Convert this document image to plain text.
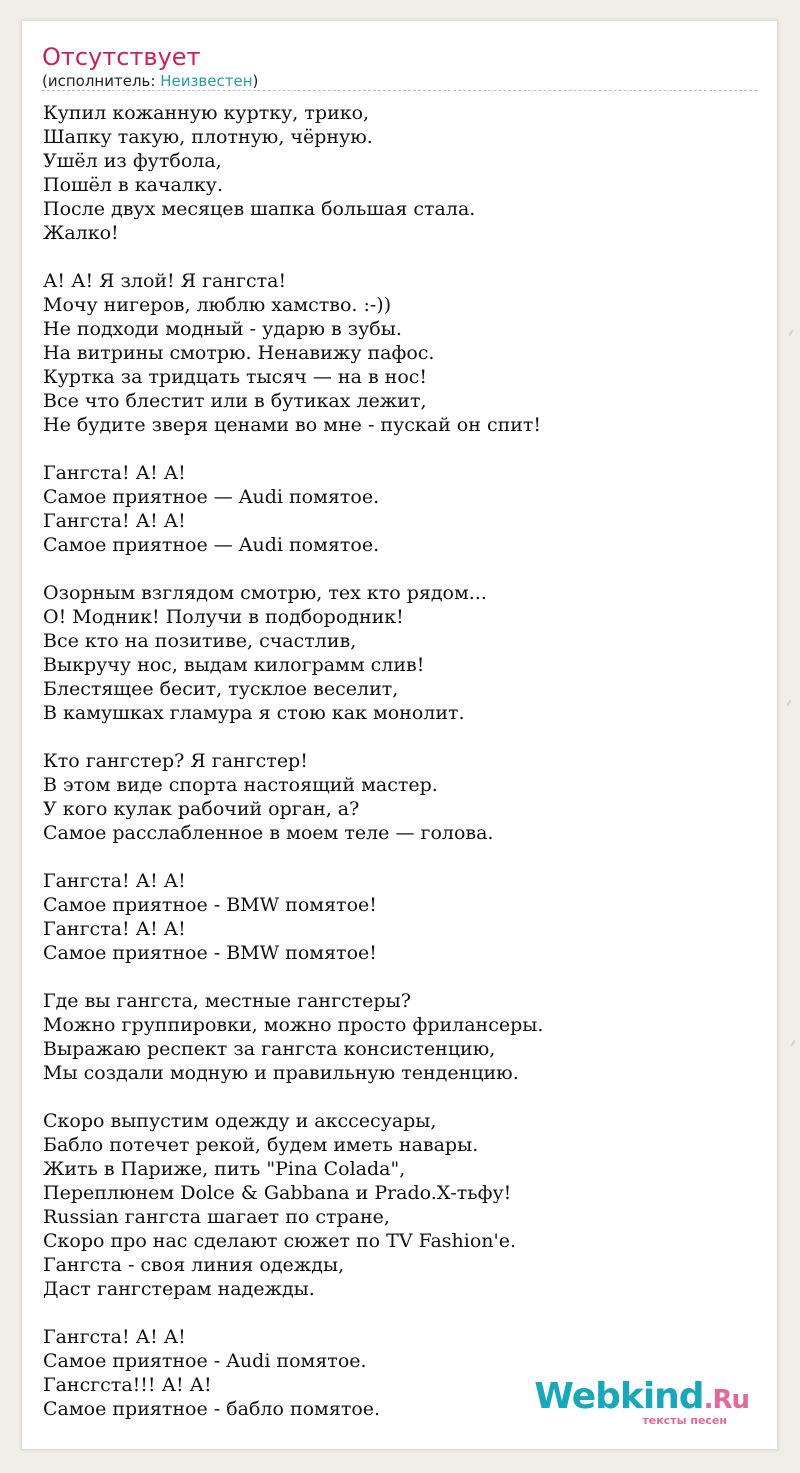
Отсутствует
(исполнитель: Неизвестен)
Купил кожанную куртку, трико,
Шапку такую, плотную, чёрную.
Ушёл из футбола,
Пошёл в качалку.
После двух месяцев шапка большая стала.
Жалко!
А! А! Я злой! Я гангста!
Мочу нигеров, люблю хамство. :-))
Не подходи модный - ударю в зубы.
На витрины смотрю. Ненавижу пафос.
Куртка за тридцать тысяч — на в нос!
Все что блестит или в бутиках лежит,
Не будите зверя ценами во мне - пускай он спит!
Гангста! А! А!
Самое приятное — Audi помятое.
Гангста! А! А!
Самое приятное — Audi помятое.
Озорным взглядом смотрю, тех кто рядом...
О! Модник! Получи в подбородник!
Все кто на позитиве, счастлив,
Выкручу нос, выдам килограмм слив!
Блестящее бесит, тусклое веселит,
В камушках гламура я стою как монолит.
Кто гангстер? Я гангстер!
В этом виде спорта настоящий мастер.
У кого кулак рабочий орган, а?
Самое расслабленное в моем теле — голова.
Гангста! А! А!
Самое приятное - BMW помятое!
Гангста! А! А!
Самое приятное - BMW помятое!
Где вы гангста, местные гангстеры?
Можно группировки, можно просто фрилансеры.
Выражаю респект за гангста консистенцию,
Мы создали модную и правильную тенденцию.
Скоро выпустим одежду и акссесуары,
Бабло потечет рекой, будем иметь навары.
Жить в Париже, пить "Pina Colada",
Переплюнем Dolce & Gabbana и Prado.Х-тьфу!
Russian гангста шагает по стране,
Скоро про нас сделают сюжет по TV Fashion'e.
Гангста - своя линия одежды,
Даст гангстерам надежды.
Гангста! А! А!
Самое приятное - Audi помятое.
Гансгста!!! А! А!
Самое приятное - бабло помятое.	Webkind.Ru
тексты песен
